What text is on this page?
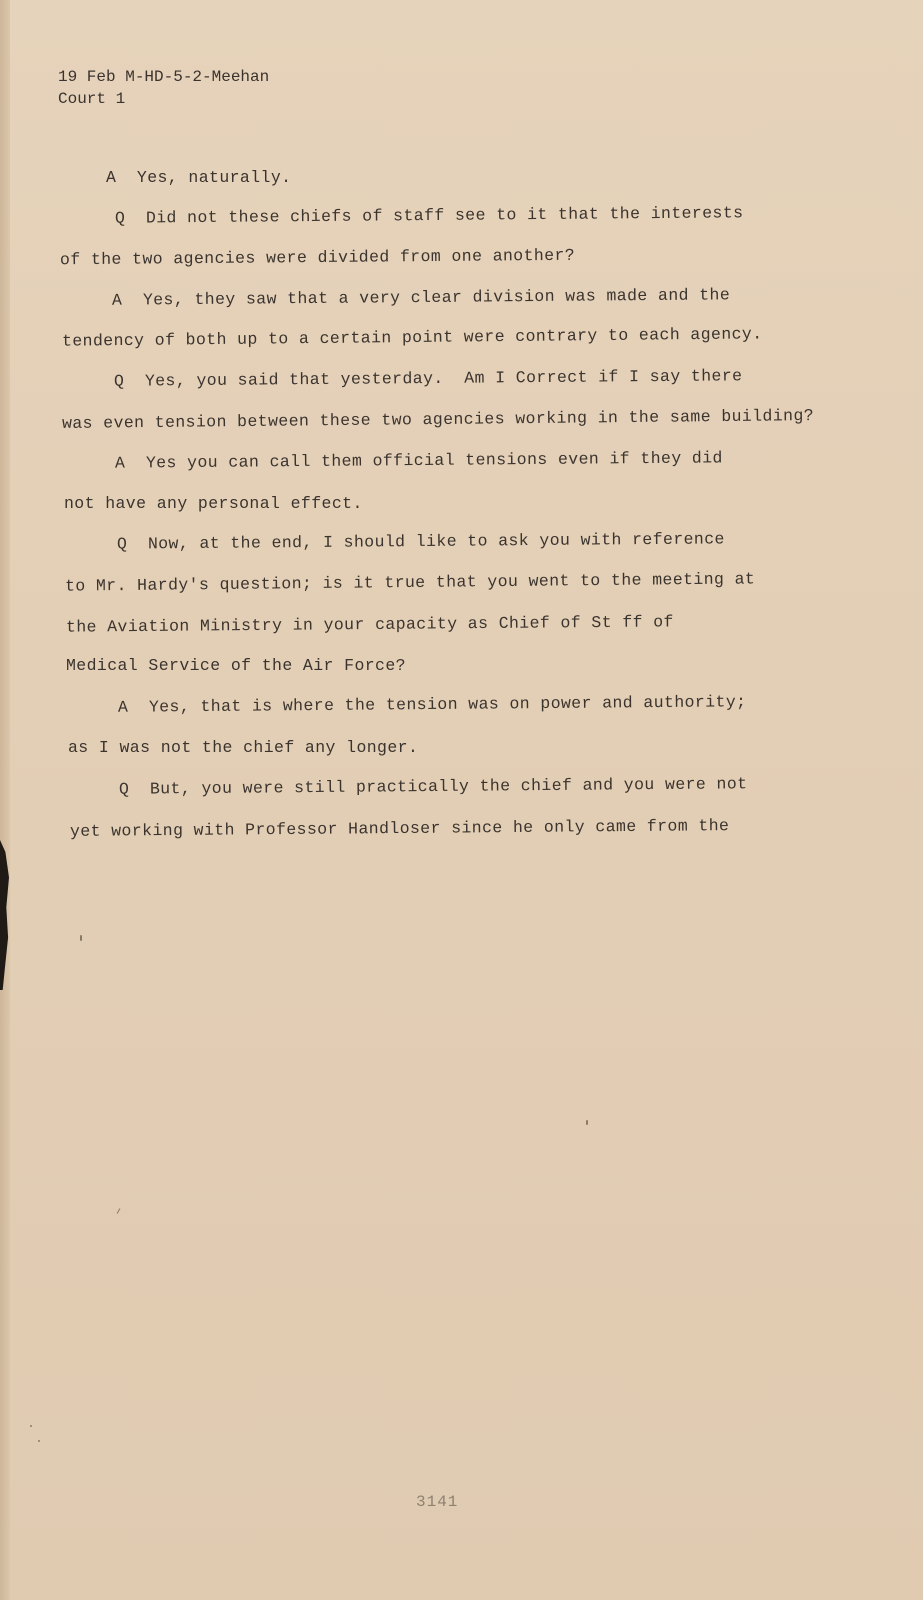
19 Feb M-HD-5-2-Meehan
Court 1
A  Yes, naturally.
Q  Did not these chiefs of staff see to it that the interests
of the two agencies were divided from one another?
A  Yes, they saw that a very clear division was made and the
tendency of both up to a certain point were contrary to each agency.
Q  Yes, you said that yesterday.  Am I Correct if I say there
was even tension between these two agencies working in the same building?
A  Yes you can call them official tensions even if they did
not have any personal effect.
Q  Now, at the end, I should like to ask you with reference
to Mr. Hardy's question; is it true that you went to the meeting at
the Aviation Ministry in your capacity as Chief of St ff of
Medical Service of the Air Force?
A  Yes, that is where the tension was on power and authority;
as I was not the chief any longer.
Q  But, you were still practically the chief and you were not
yet working with Professor Handloser since he only came from the
3141
